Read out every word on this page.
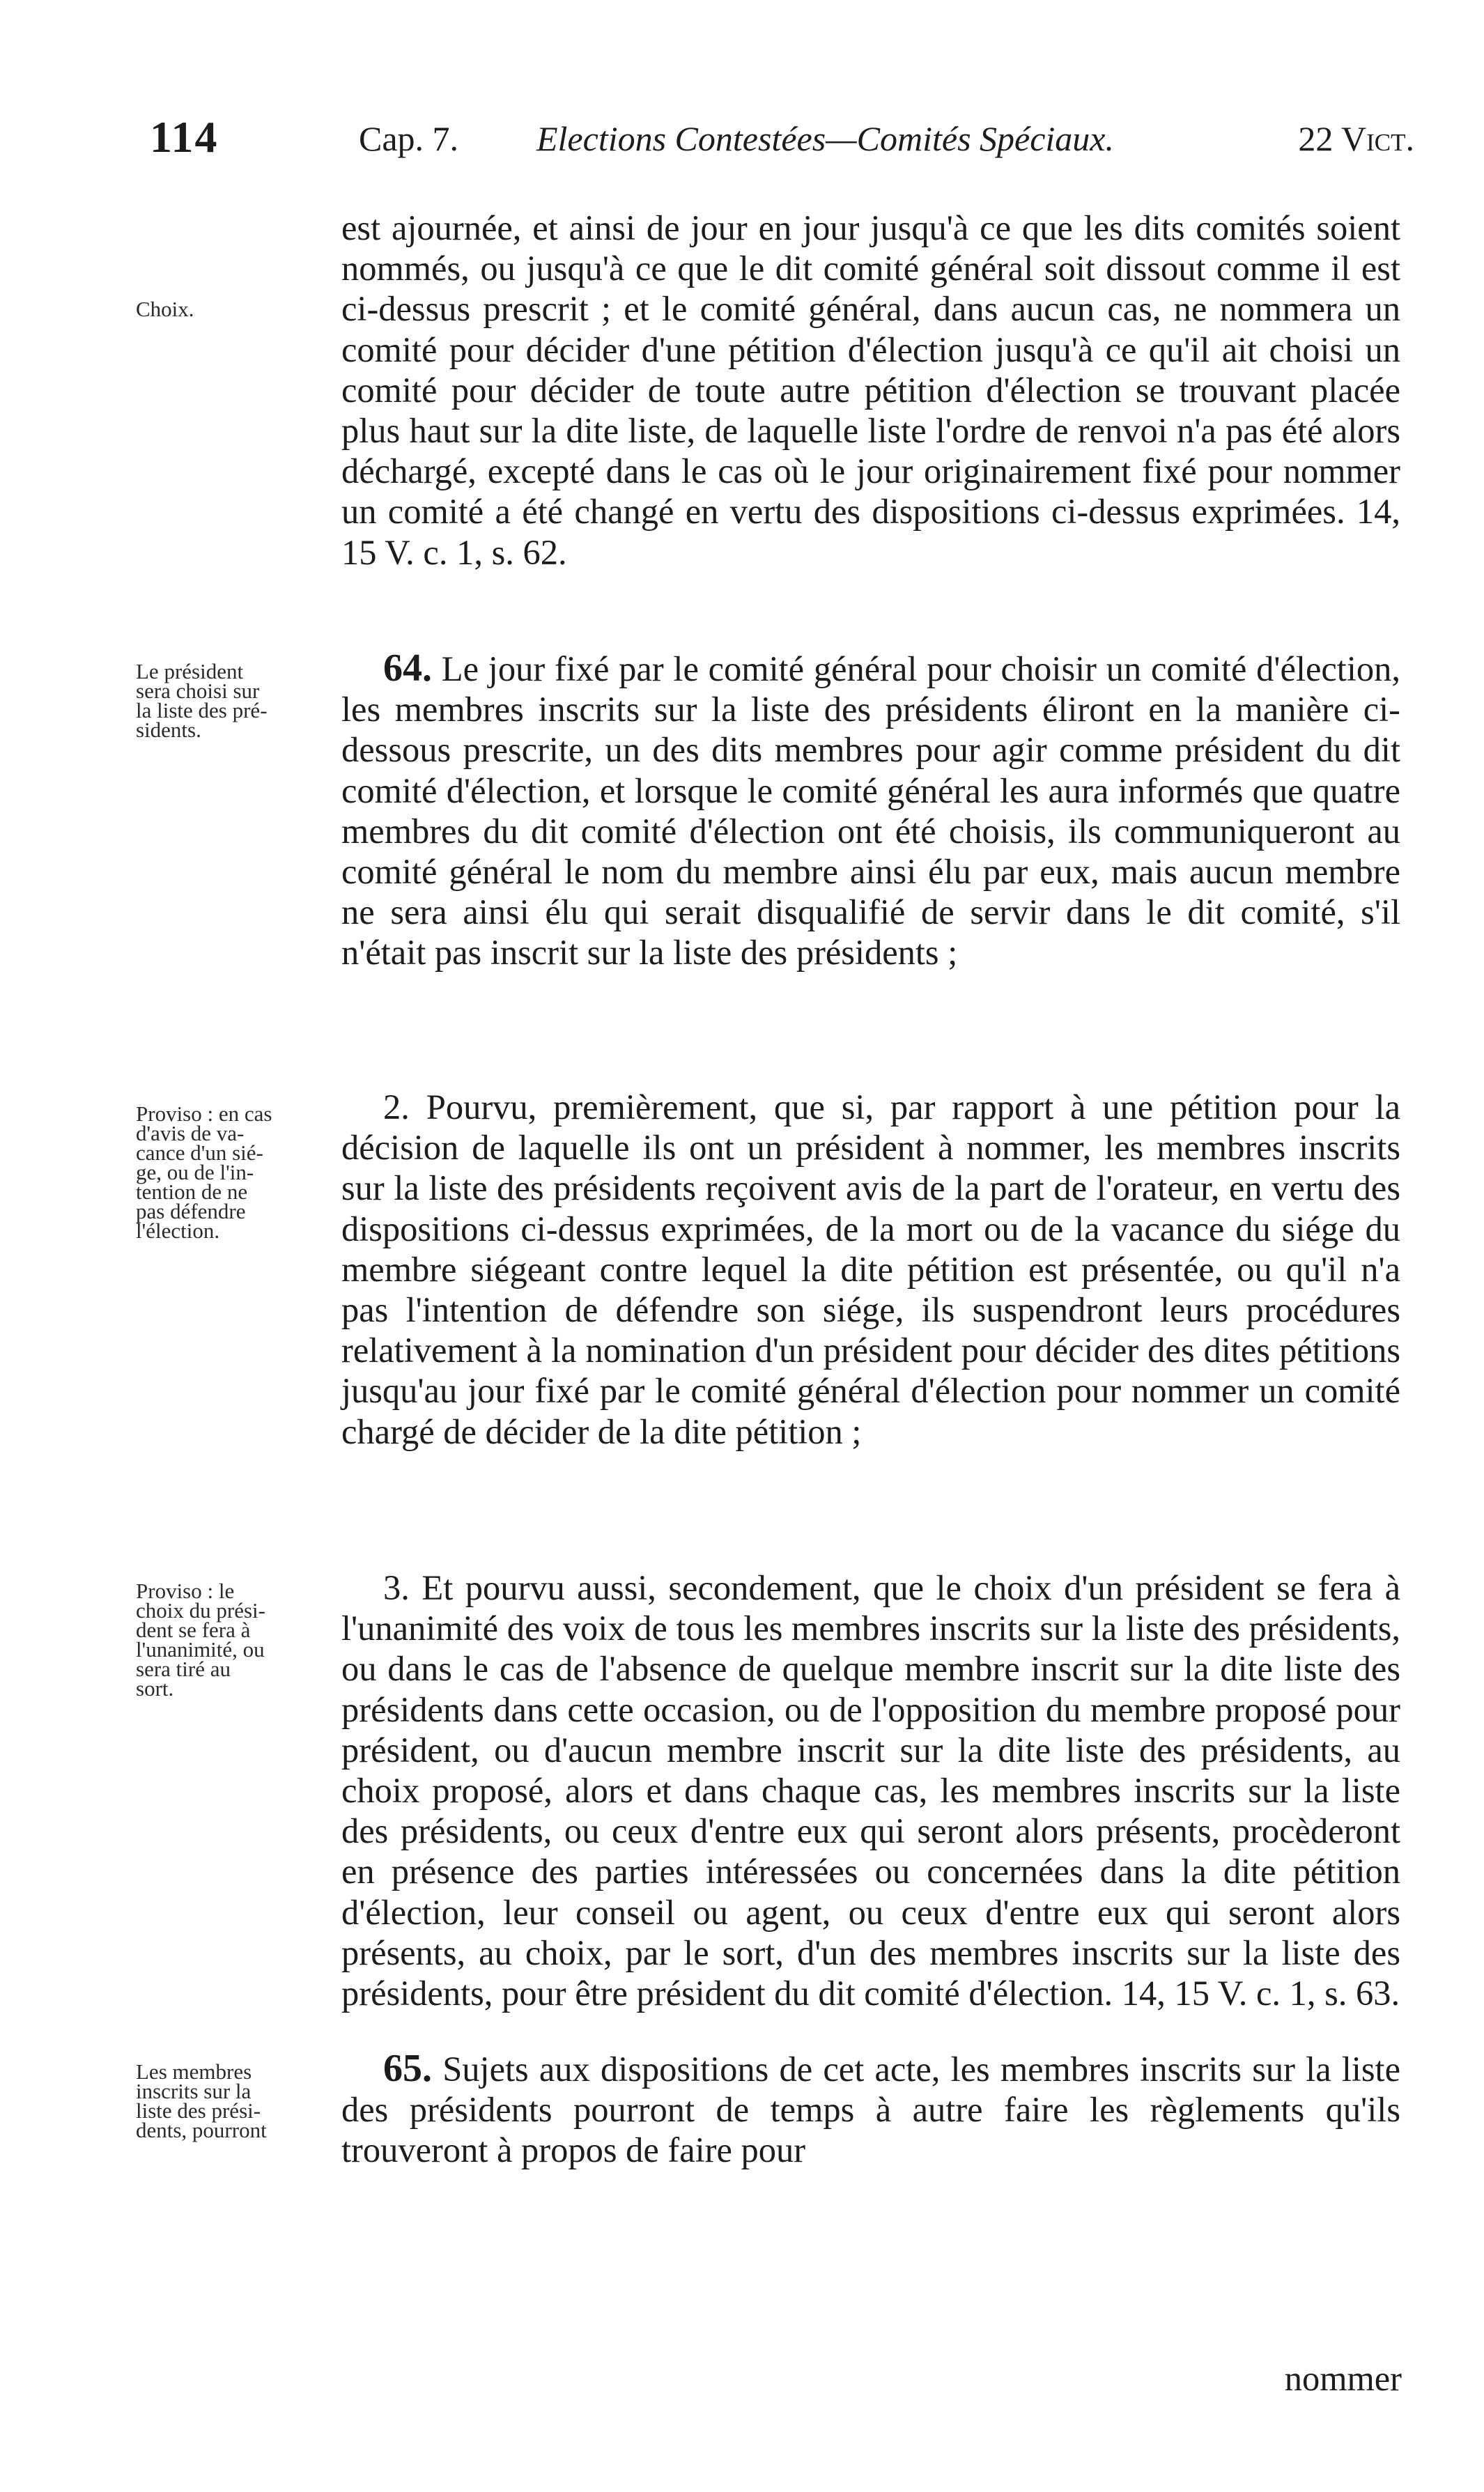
114	Cap. 7. Elections Contestées—Comités Spéciaux.	22 Vict.
Choix.
Le président
sera choisi sur
la liste des pré-
sidents.
Proviso : en cas
d'avis de va-
cance d'un sié-
ge, ou de l'in-
tention de ne
pas défendre
l'élection.
Proviso : le
choix du prési-
dent se fera à
l'unanimité, ou
sera tiré au
sort.
Les membres
inscrits sur la
liste des prési-
dents, pourront
est ajournée, et ainsi de jour en jour jusqu'à ce que les dits comités soient nommés, ou jusqu'à ce que le dit comité général soit dissout comme il est ci-dessus prescrit ; et le comité général, dans aucun cas, ne nommera un comité pour décider d'une pétition d'élection jusqu'à ce qu'il ait choisi un comité pour décider de toute autre pétition d'élection se trouvant placée plus haut sur la dite liste, de laquelle liste l'ordre de renvoi n'a pas été alors déchargé, excepté dans le cas où le jour originairement fixé pour nommer un comité a été changé en vertu des dispositions ci-dessus exprimées. 14, 15 V. c. 1, s. 62.
64. Le jour fixé par le comité général pour choisir un comité d'élection, les membres inscrits sur la liste des présidents éliront en la manière ci-dessous prescrite, un des dits membres pour agir comme président du dit comité d'élection, et lorsque le comité général les aura informés que quatre membres du dit comité d'élection ont été choisis, ils communiqueront au comité général le nom du membre ainsi élu par eux, mais aucun membre ne sera ainsi élu qui serait disqualifié de servir dans le dit comité, s'il n'était pas inscrit sur la liste des présidents ;
2. Pourvu, premièrement, que si, par rapport à une pétition pour la décision de laquelle ils ont un président à nommer, les membres inscrits sur la liste des présidents reçoivent avis de la part de l'orateur, en vertu des dispositions ci-dessus exprimées, de la mort ou de la vacance du siége du membre siégeant contre lequel la dite pétition est présentée, ou qu'il n'a pas l'intention de défendre son siége, ils suspendront leurs procédures relativement à la nomination d'un président pour décider des dites pétitions jusqu'au jour fixé par le comité général d'élection pour nommer un comité chargé de décider de la dite pétition ;
3. Et pourvu aussi, secondement, que le choix d'un président se fera à l'unanimité des voix de tous les membres inscrits sur la liste des présidents, ou dans le cas de l'absence de quelque membre inscrit sur la dite liste des présidents dans cette occasion, ou de l'opposition du membre proposé pour président, ou d'aucun membre inscrit sur la dite liste des présidents, au choix proposé, alors et dans chaque cas, les membres inscrits sur la liste des présidents, ou ceux d'entre eux qui seront alors présents, procèderont en présence des parties intéressées ou concernées dans la dite pétition d'élection, leur conseil ou agent, ou ceux d'entre eux qui seront alors présents, au choix, par le sort, d'un des membres inscrits sur la liste des présidents, pour être président du dit comité d'élection. 14, 15 V. c. 1, s. 63.
65. Sujets aux dispositions de cet acte, les membres inscrits sur la liste des présidents pourront de temps à autre faire les règlements qu'ils trouveront à propos de faire pour
nommer
